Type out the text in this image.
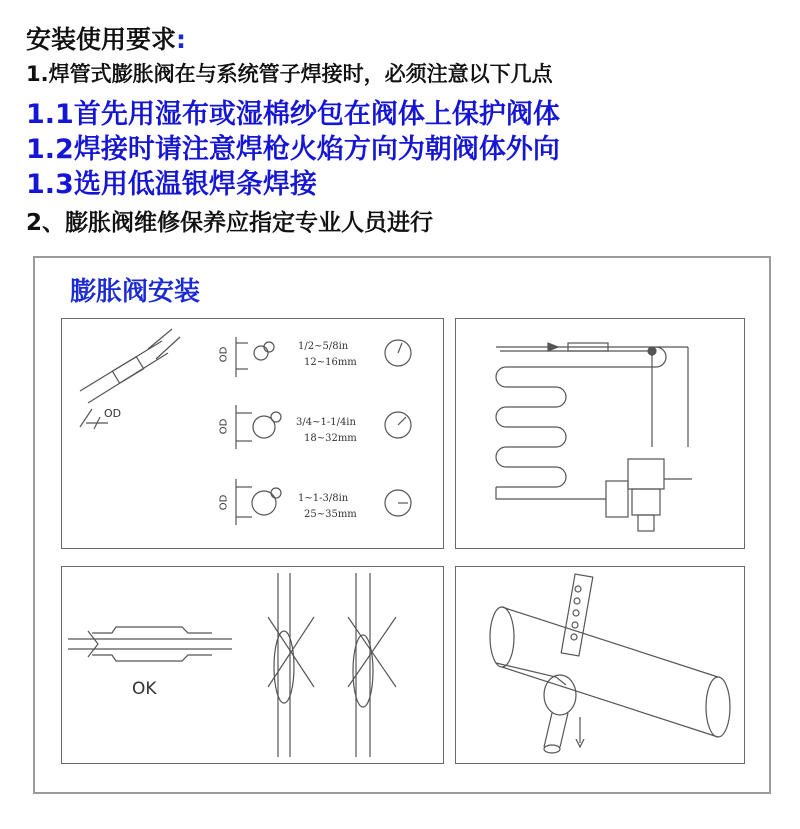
安装使用要求:
1.焊管式膨胀阀在与系统管子焊接时，必须注意以下几点
1.1首先用湿布或湿棉纱包在阀体上保护阀体
1.2焊接时请注意焊枪火焰方向为朝阀体外向
1.3选用低温银焊条焊接
2、膨胀阀维修保养应指定专业人员进行
膨胀阀安装
OD
OD
OD
OD
1/2~5/8in
12~16mm
3/4~1-1/4in
18~32mm
1~1-3/8in
25~35mm
OK
